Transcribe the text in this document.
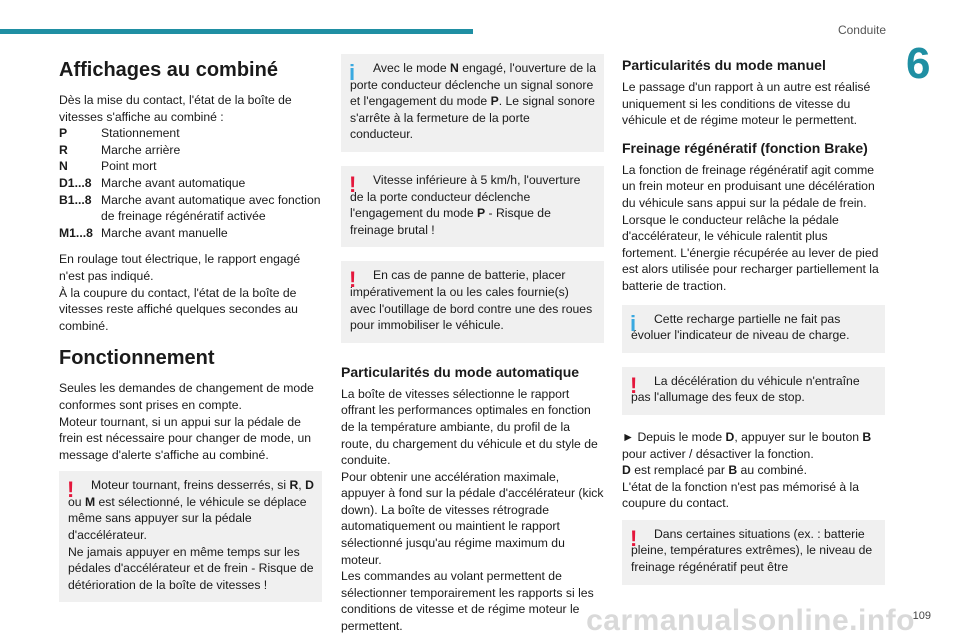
Conduite
6
Affichages au combiné

Dès la mise du contact, l'état de la boîte de vitesses s'affiche au combiné :

P	Stationnement
R	Marche arrière
N	Point mort
D1...8 Marche avant automatique
B1...8 Marche avant automatique avec fonction de freinage régénératif activée
M1...8 Marche avant manuelle

En roulage tout électrique, le rapport engagé n'est pas indiqué.
À la coupure du contact, l'état de la boîte de vitesses reste affiché quelques secondes au combiné.

Fonctionnement

Seules les demandes de changement de mode conformes sont prises en compte.
Moteur tournant, si un appui sur la pédale de frein est nécessaire pour changer de mode, un message d'alerte s'affiche au combiné.

!	Moteur tournant, freins desserrés, si R, D ou M est sélectionné, le véhicule se déplace même sans appuyer sur la pédale d'accélérateur.
Ne jamais appuyer en même temps sur les pédales d'accélérateur et de frein - Risque de détérioration de la boîte de vitesses !
i	Avec le mode N engagé, l'ouverture de la porte conducteur déclenche un signal sonore et l'engagement du mode P. Le signal sonore s'arrête à la fermeture de la porte conducteur.
!	Vitesse inférieure à 5 km/h, l'ouverture de la porte conducteur déclenche l'engagement du mode P - Risque de freinage brutal !
!	En cas de panne de batterie, placer impérativement la ou les cales fournie(s) avec l'outillage de bord contre une des roues pour immobiliser le véhicule.
Particularités du mode automatique

La boîte de vitesses sélectionne le rapport offrant les performances optimales en fonction de la température ambiante, du profil de la route, du chargement du véhicule et du style de conduite.
Pour obtenir une accélération maximale, appuyer à fond sur la pédale d'accélérateur (kick down). La boîte de vitesses rétrograde automatiquement ou maintient le rapport sélectionné jusqu'au régime maximum du moteur.
Les commandes au volant permettent de sélectionner temporairement les rapports si les conditions de vitesse et de régime moteur le permettent.

Particularités du mode manuel

Le passage d'un rapport à un autre est réalisé uniquement si les conditions de vitesse du véhicule et de régime moteur le permettent.

Freinage régénératif (fonction Brake)

La fonction de freinage régénératif agit comme un frein moteur en produisant une décélération du véhicule sans appui sur la pédale de frein. Lorsque le conducteur relâche la pédale d'accélérateur, le véhicule ralentit plus fortement. L'énergie récupérée au lever de pied est alors utilisée pour recharger partiellement la batterie de traction.

i	Cette recharge partielle ne fait pas évoluer l'indicateur de niveau de charge.
!	La décélération du véhicule n'entraîne pas l'allumage des feux de stop.

► Depuis le mode D, appuyer sur le bouton B pour activer / désactiver la fonction.
D est remplacé par B au combiné.
L'état de la fonction n'est pas mémorisé à la coupure du contact.

!	Dans certaines situations (ex. : batterie pleine, températures extrêmes), le niveau de freinage régénératif peut être
carmanualsonline.info
109
